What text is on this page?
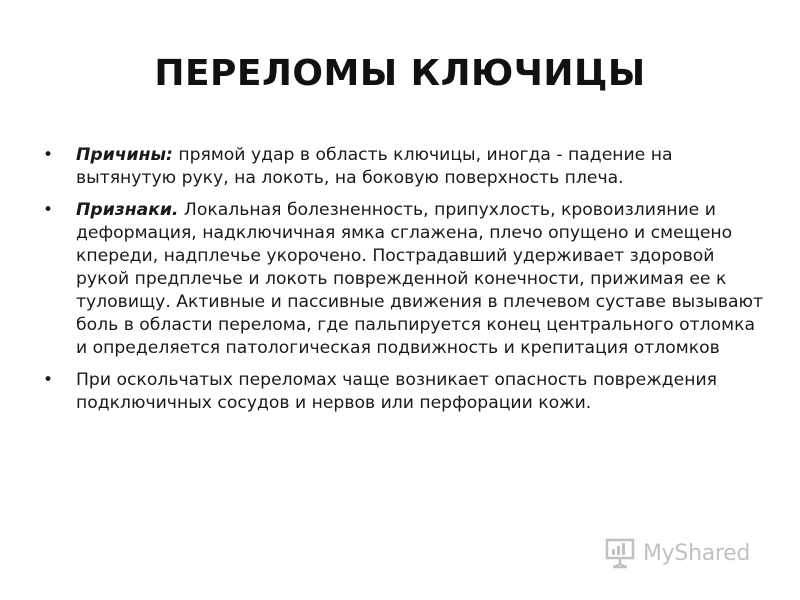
ПЕРЕЛОМЫ КЛЮЧИЦЫ
• Причины: прямой удар в область ключицы, иногда - падение на вытянутую руку, на локоть, на боковую поверхность плеча.
• Признаки. Локальная болезненность, припухлость, кровоизлияние и деформация, надключичная ямка сглажена, плечо опущено и смещено кпереди, надплечье укорочено. Пострадавший удерживает здоровой рукой предплечье и локоть поврежденной конечности, прижимая ее к туловищу. Активные и пассивные движения в плечевом суставе вызывают боль в области перелома, где пальпируется конец центрального отломка и определяется патологическая подвижность и крепитация отломков
• При оскольчатых переломах чаще возникает опасность повреждения подключичных сосудов и нервов или перфорации кожи.
MyShared
